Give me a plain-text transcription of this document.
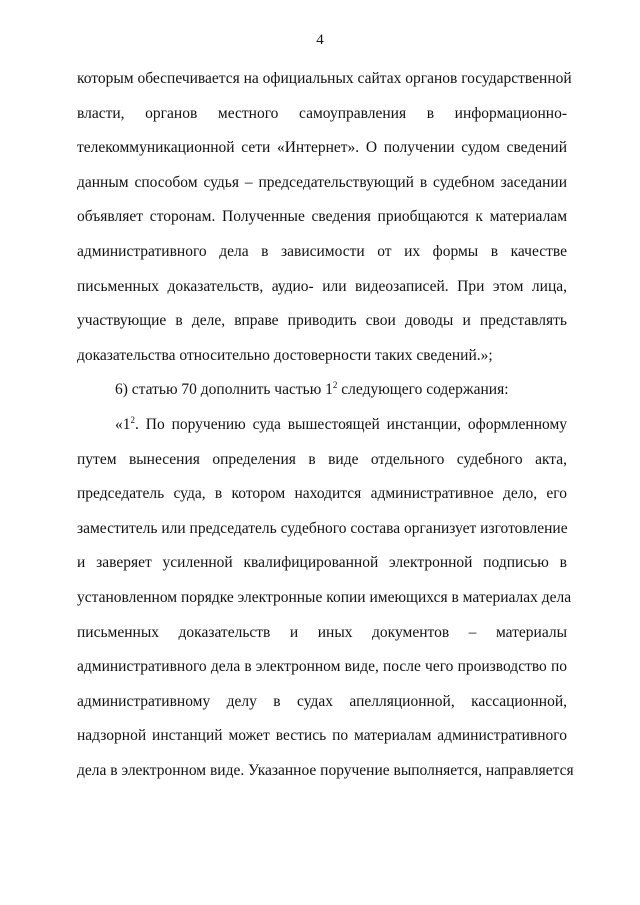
4
которым обеспечивается на официальных сайтах органов государственной
власти, органов местного самоуправления в информационно-
телекоммуникационной сети «Интернет». О получении судом сведений
данным способом судья – председательствующий в судебном заседании
объявляет сторонам. Полученные сведения приобщаются к материалам
административного дела в зависимости от их формы в качестве
письменных доказательств, аудио- или видеозаписей. При этом лица,
участвующие в деле, вправе приводить свои доводы и представлять
доказательства относительно достоверности таких сведений.»;
6) статью 70 дополнить частью $1^2$ следующего содержания:
«$1^2$. По поручению суда вышестоящей инстанции, оформленному
путем вынесения определения в виде отдельного судебного акта,
председатель суда, в котором находится административное дело, его
заместитель или председатель судебного состава организует изготовление
и заверяет усиленной квалифицированной электронной подписью в
установленном порядке электронные копии имеющихся в материалах дела
письменных доказательств и иных документов – материалы
административного дела в электронном виде, после чего производство по
административному делу в судах апелляционной, кассационной,
надзорной инстанций может вестись по материалам административного
дела в электронном виде. Указанное поручение выполняется, направляется
